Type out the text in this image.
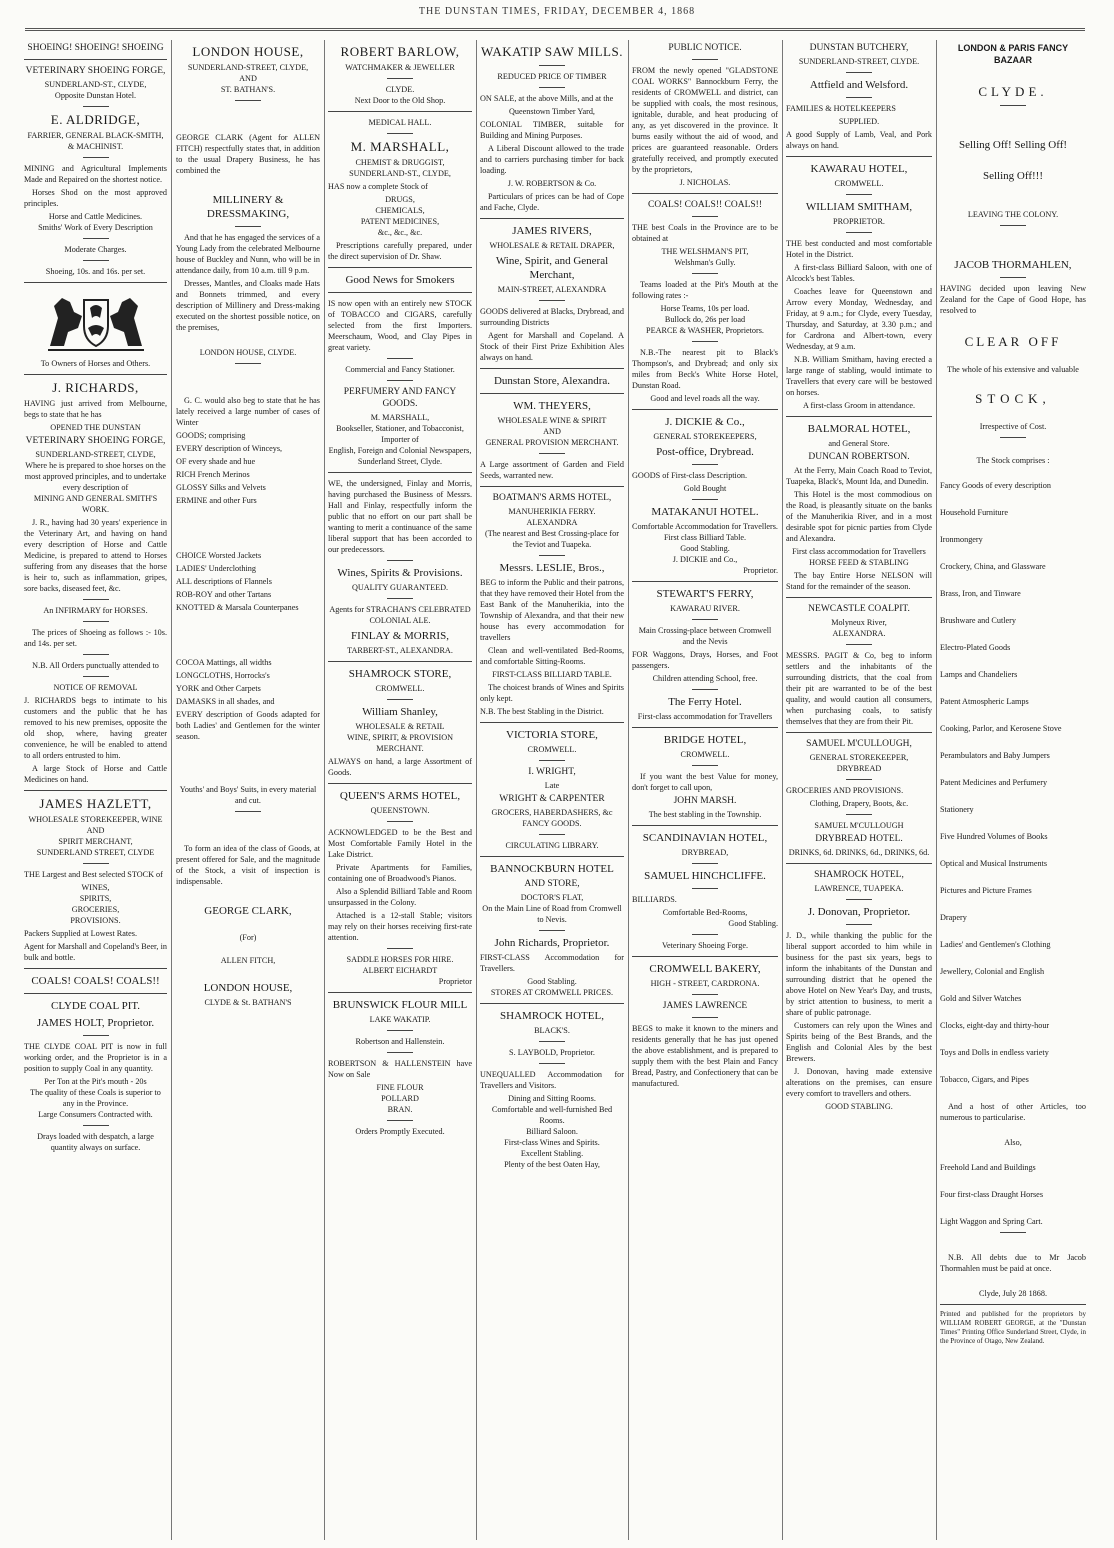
THE DUNSTAN TIMES, FRIDAY, DECEMBER 4, 1868
SHOEING! SHOEING! SHOEING
VETERINARY SHOEING FORGE,
SUNDERLAND-ST., CLYDE,
Opposite Dunstan Hotel.
E. ALDRIDGE,
FARRIER, GENERAL BLACK-SMITH, & MACHINIST.
MINING and Agricultural Implements Made and Repaired on the shortest notice.
Horses Shod on the most approved principles.
Horse and Cattle Medicines.
Smiths' Work of Every Description
Moderate Charges.
Shoeing, 10s. and 16s. per set.
To Owners of Horses and Others.
J. RICHARDS,
HAVING just arrived from Melbourne, begs to state that he has
OPENED THE DUNSTAN
VETERINARY SHOEING FORGE,
SUNDERLAND-STREET, CLYDE,
Where he is prepared to shoe horses on the most approved principles, and to undertake every description of
MINING AND GENERAL SMITH'S WORK.
J. R., having had 30 years' experience in the Veterinary Art, and having on hand every description of Horse and Cattle Medicine, is prepared to attend to Horses suffering from any diseases that the horse is heir to, such as inflammation, gripes, sore backs, diseased feet, &c.
An INFIRMARY for HORSES.
The prices of Shoeing as follows :- 10s. and 14s. per set.
N.B. All Orders punctually attended to
NOTICE OF REMOVAL
J. RICHARDS begs to intimate to his customers and the public that he has removed to his new premises, opposite the old shop, where, having greater convenience, he will be enabled to attend to all orders entrusted to him.
A large Stock of Horse and Cattle Medicines on hand.
JAMES HAZLETT,
WHOLESALE STOREKEEPER, WINE
AND
SPIRIT MERCHANT,
SUNDERLAND STREET, CLYDE
THE Largest and Best selected STOCK of
WINES,
SPIRITS,
GROCERIES,
PROVISIONS.
Packers Supplied at Lowest Rates.
Agent for Marshall and Copeland's Beer, in bulk and bottle.
COALS! COALS! COALS!!
CLYDE COAL PIT.
JAMES HOLT, Proprietor.
THE CLYDE COAL PIT is now in full working order, and the Proprietor is in a position to supply Coal in any quantity.
Per Ton at the Pit's mouth - 20s
The quality of these Coals is superior to any in the Province.
Large Consumers Contracted with.
Drays loaded with despatch, a large quantity always on surface.
LONDON HOUSE,
SUNDERLAND-STREET, CLYDE,
AND
ST. BATHAN'S.
GEORGE CLARK (Agent for ALLEN FITCH) respectfully states that, in addition to the usual Drapery Business, he has combined the
MILLINERY & DRESSMAKING,
And that he has engaged the services of a Young Lady from the celebrated Melbourne house of Buckley and Nunn, who will be in attendance daily, from 10 a.m. till 9 p.m.
Dresses, Mantles, and Cloaks made Hats and Bonnets trimmed, and every description of Millinery and Dress-making executed on the shortest possible notice, on the premises,
LONDON HOUSE, CLYDE.
G. C. would also beg to state that he has lately received a large number of cases of Winter
GOODS; comprising
EVERY description of Winceys,
OF every shade and hue
RICH French Merinos
GLOSSY Silks and Velvets
ERMINE and other Furs
CHOICE Worsted Jackets
LADIES' Underclothing
ALL descriptions of Flannels
ROB-ROY and other Tartans
KNOTTED & Marsala Counterpanes
COCOA Mattings, all widths
LONGCLOTHS, Horrocks's
YORK and Other Carpets
DAMASKS in all shades, and
EVERY description of Goods adapted for both Ladies' and Gentlemen for the winter season.
Youths' and Boys' Suits, in every material and cut.
To form an idea of the class of Goods, at present offered for Sale, and the magnitude of the Stock, a visit of inspection is indispensable.
GEORGE CLARK,
(For)
ALLEN FITCH,
LONDON HOUSE,
CLYDE & St. BATHAN'S
ROBERT BARLOW,
WATCHMAKER & JEWELLER
CLYDE.
Next Door to the Old Shop.
MEDICAL HALL.
M. MARSHALL,
CHEMIST & DRUGGIST,
SUNDERLAND-ST., CLYDE,
HAS now a complete Stock of
DRUGS,
CHEMICALS,
PATENT MEDICINES,
&c., &c., &c.
Prescriptions carefully prepared, under the direct supervision of Dr. Shaw.
Good News for Smokers
IS now open with an entirely new STOCK of TOBACCO and CIGARS, carefully selected from the first Importers. Meerschaum, Wood, and Clay Pipes in great variety.
Commercial and Fancy Stationer.
PERFUMERY AND FANCY GOODS.
M. MARSHALL,
Bookseller, Stationer, and Tobacconist, Importer of
English, Foreign and Colonial Newspapers,
Sunderland Street, Clyde.
WE, the undersigned, Finlay and Morris, having purchased the Business of Messrs. Hall and Finlay, respectfully inform the public that no effort on our part shall be wanting to merit a continuance of the same liberal support that has been accorded to our predecessors.
Wines, Spirits & Provisions.
QUALITY GUARANTEED.
Agents for STRACHAN'S CELEBRATED COLONIAL ALE.
FINLAY & MORRIS,
TARBERT-ST., ALEXANDRA.
SHAMROCK STORE,
CROMWELL.
William Shanley,
WHOLESALE & RETAIL
WINE, SPIRIT, & PROVISION MERCHANT.
ALWAYS on hand, a large Assortment of Goods.
QUEEN'S ARMS HOTEL,
QUEENSTOWN.
ACKNOWLEDGED to be the Best and Most Comfortable Family Hotel in the Lake District.
Private Apartments for Families, containing one of Broadwood's Pianos.
Also a Splendid Billiard Table and Room unsurpassed in the Colony.
Attached is a 12-stall Stable; visitors may rely on their horses receiving first-rate attention.
SADDLE HORSES FOR HIRE.
ALBERT EICHARDT
Proprietor
BRUNSWICK FLOUR MILL
LAKE WAKATIP.
Robertson and Hallenstein.
ROBERTSON & HALLENSTEIN have Now on Sale
FINE FLOUR
POLLARD
BRAN.
Orders Promptly Executed.
WAKATIP SAW MILLS.
REDUCED PRICE OF TIMBER
ON SALE, at the above Mills, and at the
Queenstown Timber Yard,
COLONIAL TIMBER, suitable for Building and Mining Purposes.
A Liberal Discount allowed to the trade and to carriers purchasing timber for back loading.
J. W. ROBERTSON & Co.
Particulars of prices can be had of Cope and Fache, Clyde.
JAMES RIVERS,
WHOLESALE & RETAIL DRAPER,
Wine, Spirit, and General Merchant,
MAIN-STREET, ALEXANDRA
GOODS delivered at Blacks, Drybread, and surrounding Districts
Agent for Marshall and Copeland. A Stock of their First Prize Exhibition Ales always on hand.
Dunstan Store, Alexandra.
WM. THEYERS,
WHOLESALE WINE & SPIRIT
AND
GENERAL PROVISION MERCHANT.
A Large assortment of Garden and Field Seeds, warranted new.
BOATMAN'S ARMS HOTEL,
MANUHERIKIA FERRY.
ALEXANDRA
(The nearest and Best Crossing-place for the Teviot and Tuapeka.
Messrs. LESLIE, Bros.,
BEG to inform the Public and their patrons, that they have removed their Hotel from the East Bank of the Manuherikia, into the Township of Alexandra, and that their new house has every accommodation for travellers
Clean and well-ventilated Bed-Rooms, and comfortable Sitting-Rooms.
FIRST-CLASS BILLIARD TABLE.
The choicest brands of Wines and Spirits only kept.
N.B. The best Stabling in the District.
VICTORIA STORE,
CROMWELL.
I. WRIGHT,
Late
WRIGHT & CARPENTER
GROCERS, HABERDASHERS, &c
FANCY GOODS.
CIRCULATING LIBRARY.
BANNOCKBURN HOTEL
AND STORE,
DOCTOR'S FLAT,
On the Main Line of Road from Cromwell to Nevis.
John Richards, Proprietor.
FIRST-CLASS Accommodation for Travellers.
Good Stabling.
STORES AT CROMWELL PRICES.
SHAMROCK HOTEL,
BLACK'S.
S. LAYBOLD, Proprietor.
UNEQUALLED Accommodation for Travellers and Visitors.
Dining and Sitting Rooms.
Comfortable and well-furnished Bed Rooms.
Billiard Saloon.
First-class Wines and Spirits.
Excellent Stabling.
Plenty of the best Oaten Hay,
PUBLIC NOTICE.
FROM the newly opened "GLADSTONE COAL WORKS" Bannockburn Ferry, the residents of CROMWELL and district, can be supplied with coals, the most resinous, ignitable, durable, and heat producing of any, as yet discovered in the province. It burns easily without the aid of wood, and prices are guaranteed reasonable. Orders gratefully received, and promptly executed by the proprietors,
J. NICHOLAS.
COALS! COALS!! COALS!!
THE best Coals in the Province are to be obtained at
THE WELSHMAN'S PIT,
Welshman's Gully.
Teams loaded at the Pit's Mouth at the following rates :-
Horse Teams, 10s per load.
Bullock do, 26s per load
PEARCE & WASHER, Proprietors.
N.B.-The nearest pit to Black's Thompson's, and Drybread; and only six miles from Beck's White Horse Hotel, Dunstan Road.
Good and level roads all the way.
J. DICKIE & Co.,
GENERAL STOREKEEPERS,
Post-office, Drybread.
GOODS of First-class Description.
Gold Bought
MATAKANUI HOTEL.
Comfortable Accommodation for Travellers.
First class Billiard Table.
Good Stabling.
J. DICKIE and Co.,
Proprietor.
STEWART'S FERRY,
KAWARAU RIVER.
Main Crossing-place between Cromwell and the Nevis
FOR Waggons, Drays, Horses, and Foot passengers.
Children attending School, free.
The Ferry Hotel.
First-class accommodation for Travellers
BRIDGE HOTEL,
CROMWELL.
If you want the best Value for money, don't forget to call upon,
JOHN MARSH.
The best stabling in the Township.
SCANDINAVIAN HOTEL,
DRYBREAD,
SAMUEL HINCHCLIFFE.
BILLIARDS.
Comfortable Bed-Rooms,
Good Stabling.
Veterinary Shoeing Forge.
CROMWELL BAKERY,
HIGH - STREET, CARDRONA.
JAMES LAWRENCE
BEGS to make it known to the miners and residents generally that he has just opened the above establishment, and is prepared to supply them with the best Plain and Fancy Bread, Pastry, and Confectionery that can be manufactured.
DUNSTAN BUTCHERY,
SUNDERLAND-STREET, CLYDE.
Attfield and Welsford.
FAMILIES & HOTELKEEPERS
SUPPLIED.
A good Supply of Lamb, Veal, and Pork always on hand.
KAWARAU HOTEL,
CROMWELL.
WILLIAM SMITHAM,
PROPRIETOR.
THE best conducted and most comfortable Hotel in the District.
A first-class Billiard Saloon, with one of Alcock's best Tables.
Coaches leave for Queenstown and Arrow every Monday, Wednesday, and Friday, at 9 a.m.; for Clyde, every Tuesday, Thursday, and Saturday, at 3.30 p.m.; and for Cardrona and Albert-town, every Wednesday, at 9 a.m.
N.B. William Smitham, having erected a large range of stabling, would intimate to Travellers that every care will be bestowed on horses.
A first-class Groom in attendance.
BALMORAL HOTEL,
and General Store.
DUNCAN ROBERTSON.
At the Ferry, Main Coach Road to Teviot, Tuapeka, Black's, Mount Ida, and Dunedin.
This Hotel is the most commodious on the Road, is pleasantly situate on the banks of the Manuherikia River, and in a most desirable spot for picnic parties from Clyde and Alexandra.
First class accommodation for Travellers
HORSE FEED & STABLING
The bay Entire Horse NELSON will Stand for the remainder of the season.
NEWCASTLE COALPIT.
Molyneux River,
ALEXANDRA.
MESSRS. PAGIT & Co, beg to inform settlers and the inhabitants of the surrounding districts, that the coal from their pit are warranted to be of the best quality, and would caution all consumers, when purchasing coals, to satisfy themselves that they are from their Pit.
SAMUEL M'CULLOUGH,
GENERAL STOREKEEPER,
DRYBREAD
GROCERIES AND PROVISIONS.
Clothing, Drapery, Boots, &c.
SAMUEL M'CULLOUGH
DRYBREAD HOTEL.
DRINKS, 6d. DRINKS, 6d., DRINKS, 6d.
SHAMROCK HOTEL,
LAWRENCE, TUAPEKA.
J. Donovan, Proprietor.
J. D., while thanking the public for the liberal support accorded to him while in business for the past six years, begs to inform the inhabitants of the Dunstan and surrounding district that he opened the above Hotel on New Year's Day, and trusts, by strict attention to business, to merit a share of public patronage.
Customers can rely upon the Wines and Spirits being of the Best Brands, and the English and Colonial Ales by the best Brewers.
J. Donovan, having made extensive alterations on the premises, can ensure every comfort to travellers and others.
GOOD STABLING.
LONDON & PARIS FANCY BAZAAR
CLYDE.
Selling Off! Selling Off!
Selling Off!!!
LEAVING THE COLONY.
JACOB THORMAHLEN,
HAVING decided upon leaving New Zealand for the Cape of Good Hope, has resolved to
CLEAR OFF
The whole of his extensive and valuable
STOCK,
Irrespective of Cost.
The Stock comprises :
Fancy Goods of every description
Household Furniture
Ironmongery
Crockery, China, and Glassware
Brass, Iron, and Tinware
Brushware and Cutlery
Electro-Plated Goods
Lamps and Chandeliers
Patent Atmospheric Lamps
Cooking, Parlor, and Kerosene Stove
Perambulators and Baby Jumpers
Patent Medicines and Perfumery
Stationery
Five Hundred Volumes of Books
Optical and Musical Instruments
Pictures and Picture Frames
Drapery
Ladies' and Gentlemen's Clothing
Jewellery, Colonial and English
Gold and Silver Watches
Clocks, eight-day and thirty-hour
Toys and Dolls in endless variety
Tobacco, Cigars, and Pipes
And a host of other Articles, too numerous to particularise.
Also,
Freehold Land and Buildings
Four first-class Draught Horses
Light Waggon and Spring Cart.
N.B. All debts due to Mr Jacob Thormahlen must be paid at once.
Clyde, July 28 1868.
Printed and published for the proprietors by WILLIAM ROBERT GEORGE, at the "Dunstan Times" Printing Office Sunderland Street, Clyde, in the Province of Otago, New Zealand.
